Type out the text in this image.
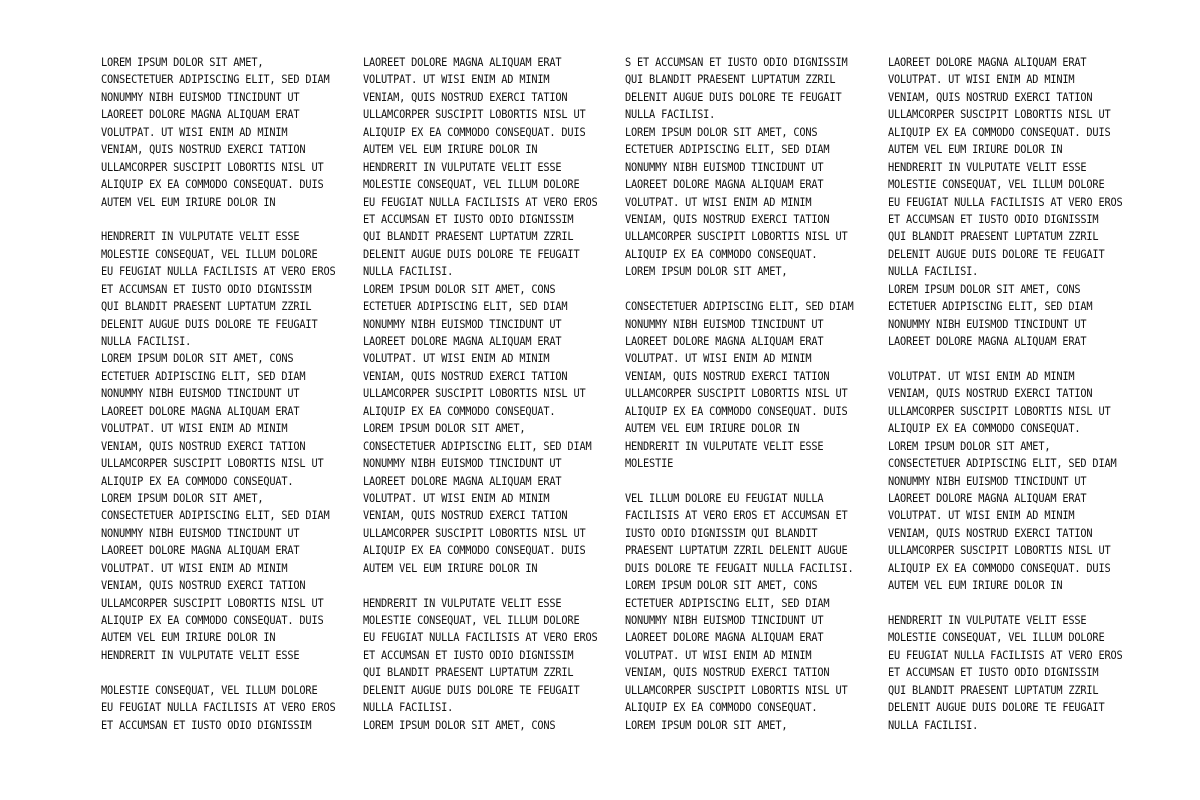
LOREM IPSUM DOLOR SIT AMET,
CONSECTETUER ADIPISCING ELIT, SED DIAM
NONUMMY NIBH EUISMOD TINCIDUNT UT
LAOREET DOLORE MAGNA ALIQUAM ERAT
VOLUTPAT. UT WISI ENIM AD MINIM
VENIAM, QUIS NOSTRUD EXERCI TATION
ULLAMCORPER SUSCIPIT LOBORTIS NISL UT
ALIQUIP EX EA COMMODO CONSEQUAT. DUIS
AUTEM VEL EUM IRIURE DOLOR IN
HENDRERIT IN VULPUTATE VELIT ESSE
MOLESTIE CONSEQUAT, VEL ILLUM DOLORE
EU FEUGIAT NULLA FACILISIS AT VERO EROS
ET ACCUMSAN ET IUSTO ODIO DIGNISSIM
QUI BLANDIT PRAESENT LUPTATUM ZZRIL
DELENIT AUGUE DUIS DOLORE TE FEUGAIT
NULLA FACILISI.
LOREM IPSUM DOLOR SIT AMET, CONS
ECTETUER ADIPISCING ELIT, SED DIAM
NONUMMY NIBH EUISMOD TINCIDUNT UT
LAOREET DOLORE MAGNA ALIQUAM ERAT
VOLUTPAT. UT WISI ENIM AD MINIM
VENIAM, QUIS NOSTRUD EXERCI TATION
ULLAMCORPER SUSCIPIT LOBORTIS NISL UT
ALIQUIP EX EA COMMODO CONSEQUAT.
LOREM IPSUM DOLOR SIT AMET,
CONSECTETUER ADIPISCING ELIT, SED DIAM
NONUMMY NIBH EUISMOD TINCIDUNT UT
LAOREET DOLORE MAGNA ALIQUAM ERAT
VOLUTPAT. UT WISI ENIM AD MINIM
VENIAM, QUIS NOSTRUD EXERCI TATION
ULLAMCORPER SUSCIPIT LOBORTIS NISL UT
ALIQUIP EX EA COMMODO CONSEQUAT. DUIS
AUTEM VEL EUM IRIURE DOLOR IN
HENDRERIT IN VULPUTATE VELIT ESSE
MOLESTIE CONSEQUAT, VEL ILLUM DOLORE
EU FEUGIAT NULLA FACILISIS AT VERO EROS
ET ACCUMSAN ET IUSTO ODIO DIGNISSIM
LAOREET DOLORE MAGNA ALIQUAM ERAT
VOLUTPAT. UT WISI ENIM AD MINIM
VENIAM, QUIS NOSTRUD EXERCI TATION
ULLAMCORPER SUSCIPIT LOBORTIS NISL UT
ALIQUIP EX EA COMMODO CONSEQUAT. DUIS
AUTEM VEL EUM IRIURE DOLOR IN
HENDRERIT IN VULPUTATE VELIT ESSE
MOLESTIE CONSEQUAT, VEL ILLUM DOLORE
EU FEUGIAT NULLA FACILISIS AT VERO EROS
ET ACCUMSAN ET IUSTO ODIO DIGNISSIM
QUI BLANDIT PRAESENT LUPTATUM ZZRIL
DELENIT AUGUE DUIS DOLORE TE FEUGAIT
NULLA FACILISI.
LOREM IPSUM DOLOR SIT AMET, CONS
ECTETUER ADIPISCING ELIT, SED DIAM
NONUMMY NIBH EUISMOD TINCIDUNT UT
LAOREET DOLORE MAGNA ALIQUAM ERAT
VOLUTPAT. UT WISI ENIM AD MINIM
VENIAM, QUIS NOSTRUD EXERCI TATION
ULLAMCORPER SUSCIPIT LOBORTIS NISL UT
ALIQUIP EX EA COMMODO CONSEQUAT.
LOREM IPSUM DOLOR SIT AMET,
CONSECTETUER ADIPISCING ELIT, SED DIAM
NONUMMY NIBH EUISMOD TINCIDUNT UT
LAOREET DOLORE MAGNA ALIQUAM ERAT
VOLUTPAT. UT WISI ENIM AD MINIM
VENIAM, QUIS NOSTRUD EXERCI TATION
ULLAMCORPER SUSCIPIT LOBORTIS NISL UT
ALIQUIP EX EA COMMODO CONSEQUAT. DUIS
AUTEM VEL EUM IRIURE DOLOR IN
HENDRERIT IN VULPUTATE VELIT ESSE
MOLESTIE CONSEQUAT, VEL ILLUM DOLORE
EU FEUGIAT NULLA FACILISIS AT VERO EROS
ET ACCUMSAN ET IUSTO ODIO DIGNISSIM
QUI BLANDIT PRAESENT LUPTATUM ZZRIL
DELENIT AUGUE DUIS DOLORE TE FEUGAIT
NULLA FACILISI.
LOREM IPSUM DOLOR SIT AMET, CONS
S ET ACCUMSAN ET IUSTO ODIO DIGNISSIM
QUI BLANDIT PRAESENT LUPTATUM ZZRIL
DELENIT AUGUE DUIS DOLORE TE FEUGAIT
NULLA FACILISI.
LOREM IPSUM DOLOR SIT AMET, CONS
ECTETUER ADIPISCING ELIT, SED DIAM
NONUMMY NIBH EUISMOD TINCIDUNT UT
LAOREET DOLORE MAGNA ALIQUAM ERAT
VOLUTPAT. UT WISI ENIM AD MINIM
VENIAM, QUIS NOSTRUD EXERCI TATION
ULLAMCORPER SUSCIPIT LOBORTIS NISL UT
ALIQUIP EX EA COMMODO CONSEQUAT.
LOREM IPSUM DOLOR SIT AMET,
CONSECTETUER ADIPISCING ELIT, SED DIAM
NONUMMY NIBH EUISMOD TINCIDUNT UT
LAOREET DOLORE MAGNA ALIQUAM ERAT
VOLUTPAT. UT WISI ENIM AD MINIM
VENIAM, QUIS NOSTRUD EXERCI TATION
ULLAMCORPER SUSCIPIT LOBORTIS NISL UT
ALIQUIP EX EA COMMODO CONSEQUAT. DUIS
AUTEM VEL EUM IRIURE DOLOR IN
HENDRERIT IN VULPUTATE VELIT ESSE
MOLESTIE
VEL ILLUM DOLORE EU FEUGIAT NULLA
FACILISIS AT VERO EROS ET ACCUMSAN ET
IUSTO ODIO DIGNISSIM QUI BLANDIT
PRAESENT LUPTATUM ZZRIL DELENIT AUGUE
DUIS DOLORE TE FEUGAIT NULLA FACILISI.
LOREM IPSUM DOLOR SIT AMET, CONS
ECTETUER ADIPISCING ELIT, SED DIAM
NONUMMY NIBH EUISMOD TINCIDUNT UT
LAOREET DOLORE MAGNA ALIQUAM ERAT
VOLUTPAT. UT WISI ENIM AD MINIM
VENIAM, QUIS NOSTRUD EXERCI TATION
ULLAMCORPER SUSCIPIT LOBORTIS NISL UT
ALIQUIP EX EA COMMODO CONSEQUAT.
LOREM IPSUM DOLOR SIT AMET,
LAOREET DOLORE MAGNA ALIQUAM ERAT
VOLUTPAT. UT WISI ENIM AD MINIM
VENIAM, QUIS NOSTRUD EXERCI TATION
ULLAMCORPER SUSCIPIT LOBORTIS NISL UT
ALIQUIP EX EA COMMODO CONSEQUAT. DUIS
AUTEM VEL EUM IRIURE DOLOR IN
HENDRERIT IN VULPUTATE VELIT ESSE
MOLESTIE CONSEQUAT, VEL ILLUM DOLORE
EU FEUGIAT NULLA FACILISIS AT VERO EROS
ET ACCUMSAN ET IUSTO ODIO DIGNISSIM
QUI BLANDIT PRAESENT LUPTATUM ZZRIL
DELENIT AUGUE DUIS DOLORE TE FEUGAIT
NULLA FACILISI.
LOREM IPSUM DOLOR SIT AMET, CONS
ECTETUER ADIPISCING ELIT, SED DIAM
NONUMMY NIBH EUISMOD TINCIDUNT UT
LAOREET DOLORE MAGNA ALIQUAM ERAT
VOLUTPAT. UT WISI ENIM AD MINIM
VENIAM, QUIS NOSTRUD EXERCI TATION
ULLAMCORPER SUSCIPIT LOBORTIS NISL UT
ALIQUIP EX EA COMMODO CONSEQUAT.
LOREM IPSUM DOLOR SIT AMET,
CONSECTETUER ADIPISCING ELIT, SED DIAM
NONUMMY NIBH EUISMOD TINCIDUNT UT
LAOREET DOLORE MAGNA ALIQUAM ERAT
VOLUTPAT. UT WISI ENIM AD MINIM
VENIAM, QUIS NOSTRUD EXERCI TATION
ULLAMCORPER SUSCIPIT LOBORTIS NISL UT
ALIQUIP EX EA COMMODO CONSEQUAT. DUIS
AUTEM VEL EUM IRIURE DOLOR IN
HENDRERIT IN VULPUTATE VELIT ESSE
MOLESTIE CONSEQUAT, VEL ILLUM DOLORE
EU FEUGIAT NULLA FACILISIS AT VERO EROS
ET ACCUMSAN ET IUSTO ODIO DIGNISSIM
QUI BLANDIT PRAESENT LUPTATUM ZZRIL
DELENIT AUGUE DUIS DOLORE TE FEUGAIT
NULLA FACILISI.
